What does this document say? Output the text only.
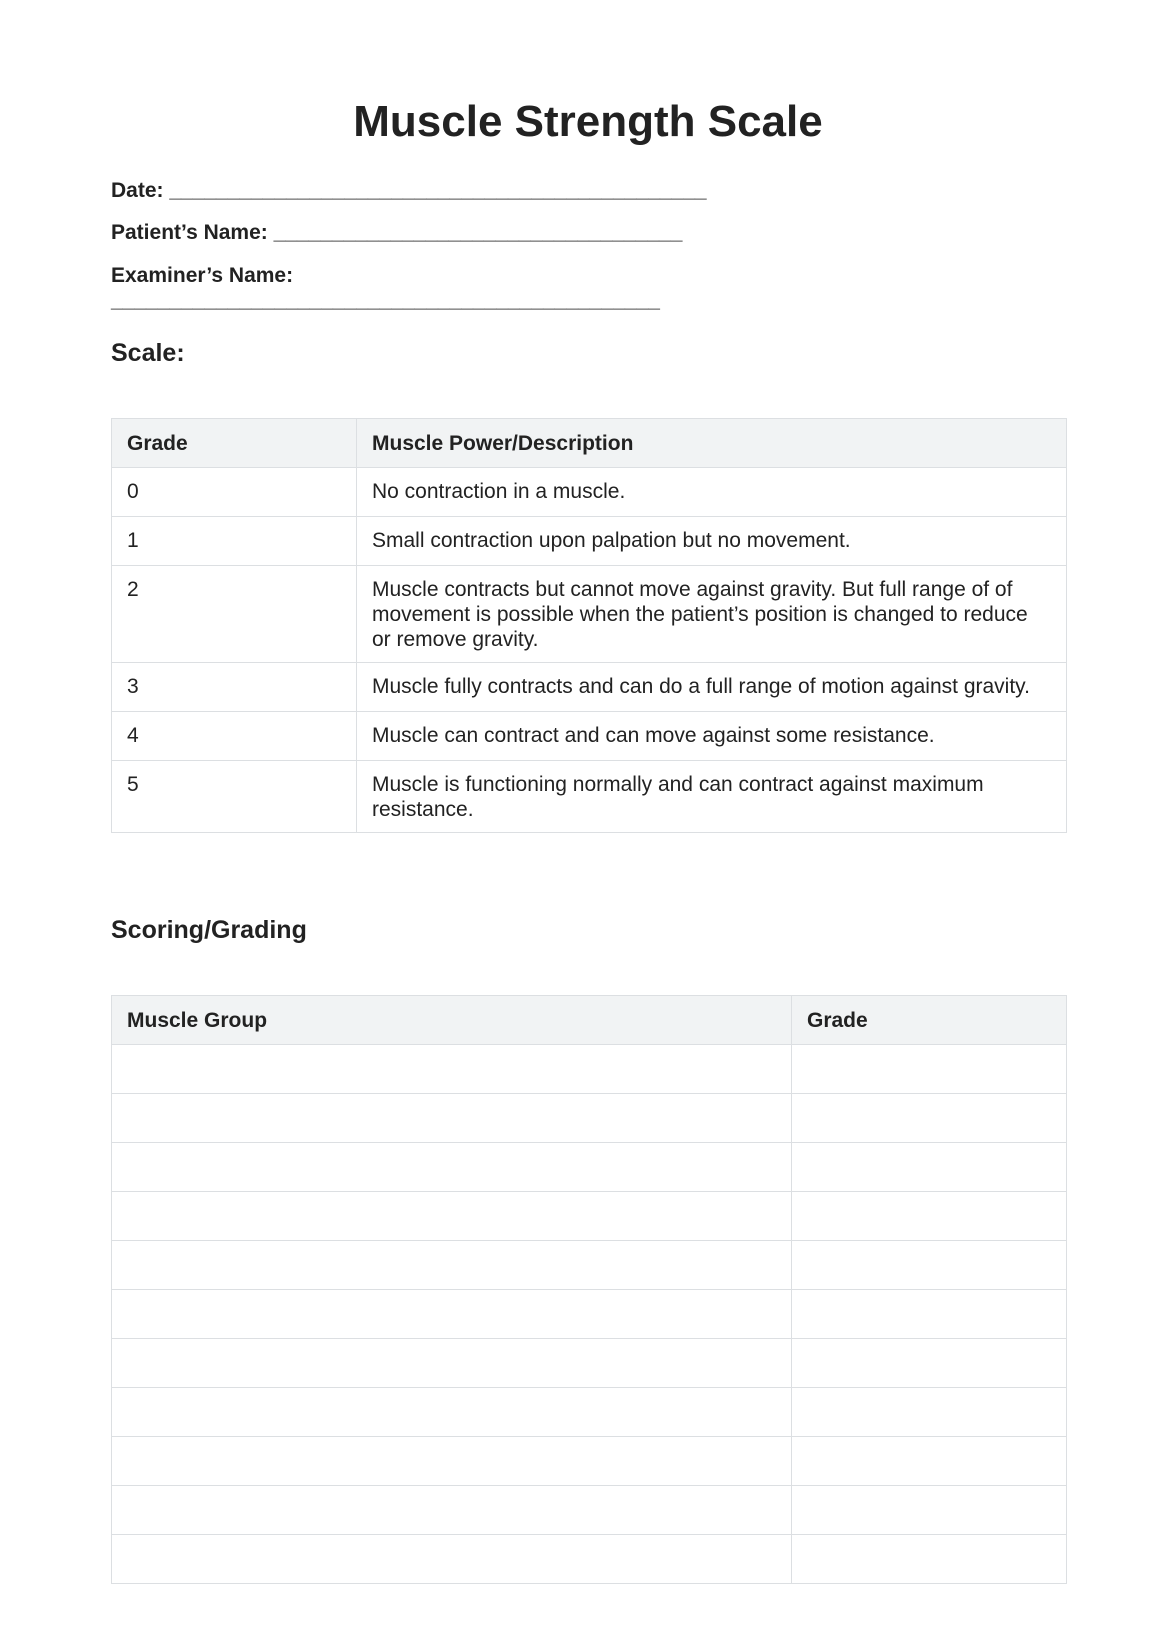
Muscle Strength Scale
Date: ______________________________________________
Patient’s Name: ___________________________________
Examiner’s Name:
_______________________________________________
Scale:
Grade	Muscle Power/Description
0	No contraction in a muscle.
1	Small contraction upon palpation but no movement.
2	Muscle contracts but cannot move against gravity. But full range of of movement is possible when the patient’s position is changed to reduce or remove gravity.
3	Muscle fully contracts and can do a full range of motion against gravity.
4	Muscle can contract and can move against some resistance.
5	Muscle is functioning normally and can contract against maximum resistance.
Scoring/Grading
Muscle Group	Grade
